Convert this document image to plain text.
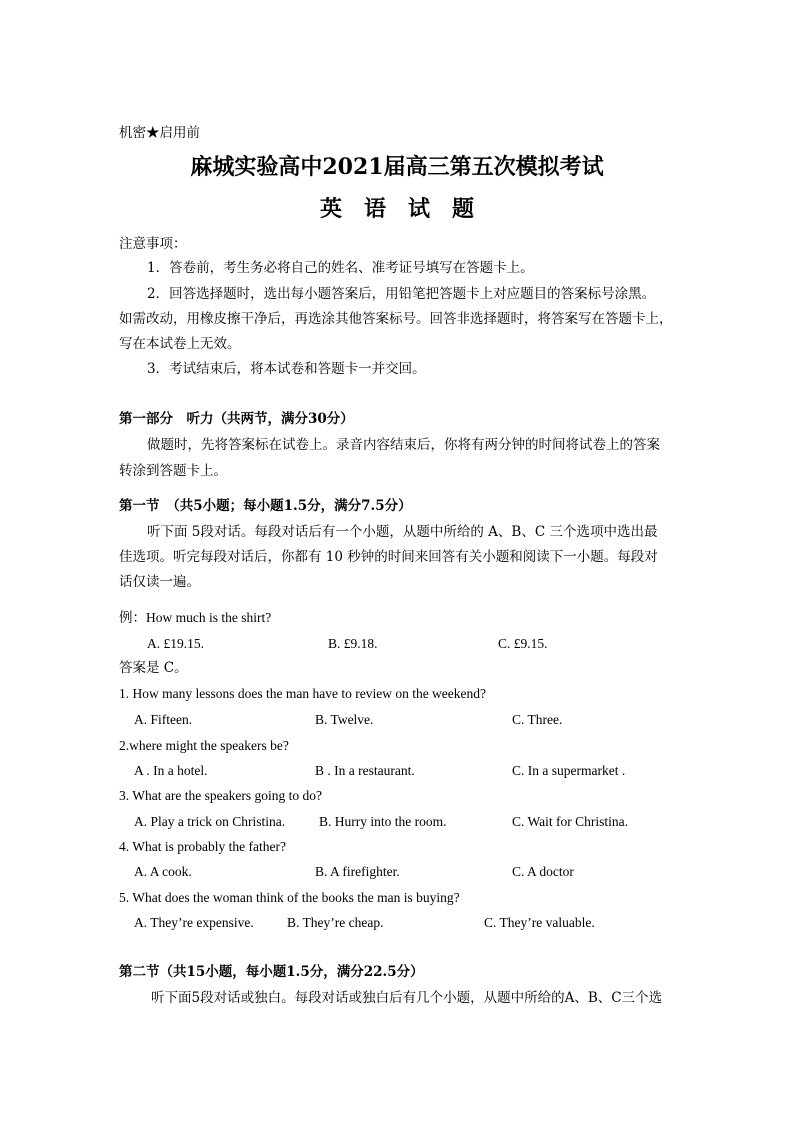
机密★启用前
麻城实验高中2021届高三第五次模拟考试
英　语　试　题
注意事项：
1．答卷前，考生务必将自己的姓名、准考证号填写在答题卡上。
2．回答选择题时，选出每小题答案后，用铅笔把答题卡上对应题目的答案标号涂黑。
如需改动，用橡皮擦干净后，再选涂其他答案标号。回答非选择题时，将答案写在答题卡上，
写在本试卷上无效。
3．考试结束后，将本试卷和答题卡一并交回。
第一部分　听力（共两节，满分30分）
做题时，先将答案标在试卷上。录音内容结束后，你将有两分钟的时间将试卷上的答案
转涂到答题卡上。
第一节　（共5小题；每小题1.5分，满分7.5分）
听下面 5段对话。每段对话后有一个小题，从题中所给的 A、B、C 三个选项中选出最
佳选项。听完每段对话后，你都有 10 秒钟的时间来回答有关小题和阅读下一小题。每段对
话仅读一遍。
例：How much is the shirt?
A. £19.15.	B. £9.18.	C. £9.15.
答案是 C。
1. How many lessons does the man have to review on the weekend?
A. Fifteen.	B. Twelve.	C. Three.
2.where might the speakers be?
A . In a hotel.	B . In a restaurant.	C. In a supermarket .
3. What are the speakers going to do?
A. Play a trick on Christina.	B. Hurry into the room.	C. Wait for Christina.
4. What is probably the father?
A. A cook.	B. A firefighter.	C. A doctor
5. What does the woman think of the books the man is buying?
A. They’re expensive. B. They’re cheap.	C. They’re valuable.
第二节（共15小题，每小题1.5分，满分22.5分）
听下面5段对话或独白。每段对话或独白后有几个小题，从题中所给的A、B、C三个选
